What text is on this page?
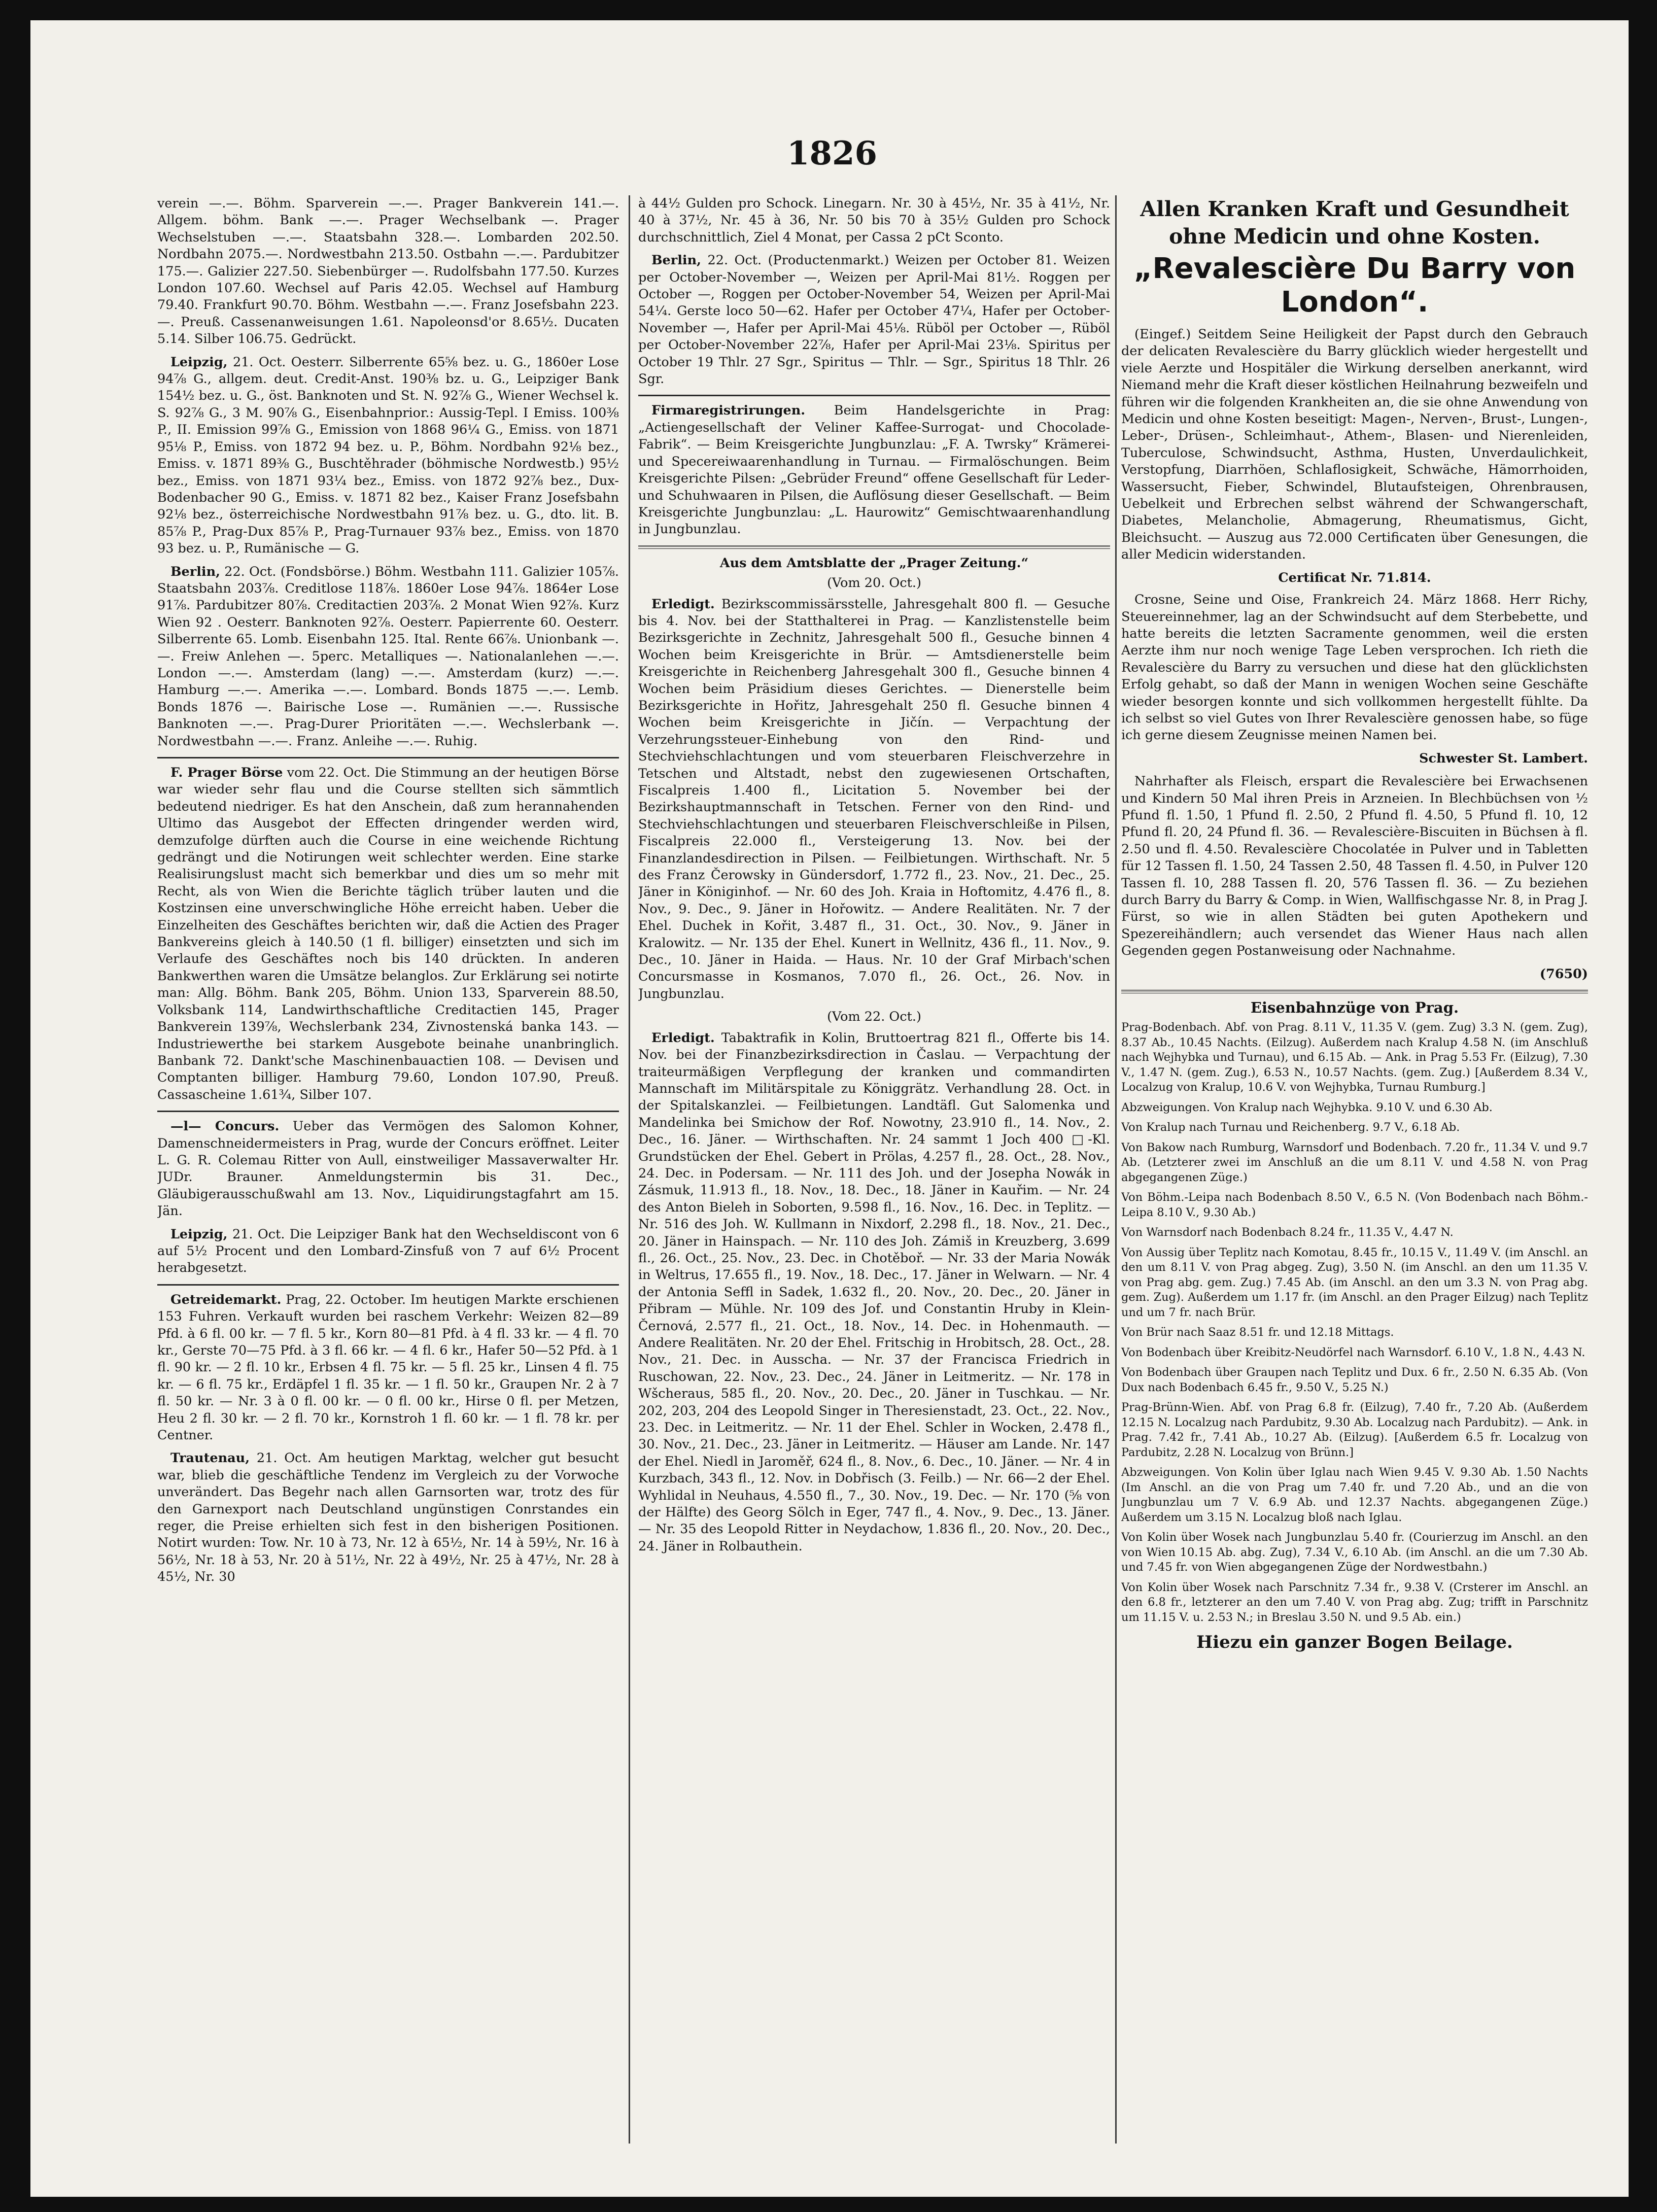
1826

verein —.—. Böhm. Sparverein —.—. Prager Bankverein 141.—. Allgem. böhm. Bank —.—. Prager Wechselbank —. Prager Wechselstuben —.—. Staatsbahn 328.—. Lombarden 202.50. Nordbahn 2075.—. Nordwestbahn 213.50. Ostbahn —.—. Pardubitzer 175.—. Galizier 227.50. Siebenbürger —. Rudolfsbahn 177.50. Kurzes London 107.60. Wechsel auf Paris 42.05. Wechsel auf Hamburg 79.40. Frankfurt 90.70. Böhm. Westbahn —.—. Franz Josefsbahn 223.—. Preuß. Cassenanweisungen 1.61. Napoleonsd'or 8.65½. Ducaten 5.14. Silber 106.75. Gedrückt.

Leipzig, 21. Oct. Oesterr. Silberrente 65⅝ bez. u. G., 1860er Lose 94⅞ G., allgem. deut. Credit-Anst. 190⅜ bz. u. G., Leipziger Bank 154½ bez. u. G., öst. Banknoten und St. N. 92⅞ G., Wiener Wechsel k. S. 92⅞ G., 3 M. 90⅞ G., Eisenbahnprior.: Aussig-Tepl. I Emiss. 100⅜ P., II. Emission 99⅞ G., Emission von 1868 96¼ G., Emiss. von 1871 95⅛ P., Emiss. von 1872 94 bez. u. P., Böhm. Nordbahn 92⅛ bez., Emiss. v. 1871 89⅜ G., Buschtěhrader (böhmische Nordwestb.) 95½ bez., Emiss. von 1871 93¼ bez., Emiss. von 1872 92⅞ bez., Dux-Bodenbacher 90 G., Emiss. v. 1871 82 bez., Kaiser Franz Josefsbahn 92⅛ bez., österreichische Nordwestbahn 91⅞ bez. u. G., dto. lit. B. 85⅞ P., Prag-Dux 85⅞ P., Prag-Turnauer 93⅞ bez., Emiss. von 1870 93 bez. u. P., Rumänische — G.

Berlin, 22. Oct. (Fondsbörse.) Böhm. Westbahn 111. Galizier 105⅞. Staatsbahn 203⅞. Creditlose 118⅞. 1860er Lose 94⅞. 1864er Lose 91⅞. Pardubitzer 80⅞. Creditactien 203⅞. 2 Monat Wien 92⅞. Kurz Wien 92 . Oesterr. Banknoten 92⅞. Oesterr. Papierrente 60. Oesterr. Silberrente 65. Lomb. Eisenbahn 125. Ital. Rente 66⅞. Unionbank —.—. Freiw Anlehen —. 5perc. Metalliques —. Nationalanlehen —.—. London —.—. Amsterdam (lang) —.—. Amsterdam (kurz) —.—. Hamburg —.—. Amerika —.—. Lombard. Bonds 1875 —.—. Lemb. Bonds 1876 —. Bairische Lose —. Rumänien —.—. Russische Banknoten —.—. Prag-Durer Prioritäten —.—. Wechslerbank —. Nordwestbahn —.—. Franz. Anleihe —.—. Ruhig.

F. Prager Börse vom 22. Oct. Die Stimmung an der heutigen Börse war wieder sehr flau und die Course stellten sich sämmtlich bedeutend niedriger. Es hat den Anschein, daß zum herannahenden Ultimo das Ausgebot der Effecten dringender werden wird, demzufolge dürften auch die Course in eine weichende Richtung gedrängt und die Notirungen weit schlechter werden. Eine starke Realisirungslust macht sich bemerkbar und dies um so mehr mit Recht, als von Wien die Berichte täglich trüber lauten und die Kostzinsen eine unverschwingliche Höhe erreicht haben. Ueber die Einzelheiten des Geschäftes berichten wir, daß die Actien des Prager Bankvereins gleich à 140.50 (1 fl. billiger) einsetzten und sich im Verlaufe des Geschäftes noch bis 140 drückten. In anderen Bankwerthen waren die Umsätze belanglos. Zur Erklärung sei notirte man: Allg. Böhm. Bank 205, Böhm. Union 133, Sparverein 88.50, Volksbank 114, Landwirthschaftliche Creditactien 145, Prager Bankverein 139⅞, Wechslerbank 234, Zivnostenská banka 143. — Industriewerthe bei starkem Ausgebote beinahe unanbringlich. Banbank 72. Dankt'sche Maschinenbauactien 108. — Devisen und Comptanten billiger. Hamburg 79.60, London 107.90, Preuß. Cassascheine 1.61¾, Silber 107.

—l— Concurs. Ueber das Vermögen des Salomon Kohner, Damenschneidermeisters in Prag, wurde der Concurs eröffnet. Leiter L. G. R. Colemau Ritter von Aull, einstweiliger Massaverwalter Hr. JUDr. Brauner. Anmeldungstermin bis 31. Dec., Gläubigerausschußwahl am 13. Nov., Liquidirungstagfahrt am 15. Jän.

Leipzig, 21. Oct. Die Leipziger Bank hat den Wechseldiscont von 6 auf 5½ Procent und den Lombard-Zinsfuß von 7 auf 6½ Procent herabgesetzt.

Getreidemarkt. Prag, 22. October. Im heutigen Markte erschienen 153 Fuhren. Verkauft wurden bei raschem Verkehr: Weizen 82—89 Pfd. à 6 fl. 00 kr. — 7 fl. 5 kr., Korn 80—81 Pfd. à 4 fl. 33 kr. — 4 fl. 70 kr., Gerste 70—75 Pfd. à 3 fl. 66 kr. — 4 fl. 6 kr., Hafer 50—52 Pfd. à 1 fl. 90 kr. — 2 fl. 10 kr., Erbsen 4 fl. 75 kr. — 5 fl. 25 kr., Linsen 4 fl. 75 kr. — 6 fl. 75 kr., Erdäpfel 1 fl. 35 kr. — 1 fl. 50 kr., Graupen Nr. 2 à 7 fl. 50 kr. — Nr. 3 à 0 fl. 00 kr. — 0 fl. 00 kr., Hirse 0 fl. per Metzen, Heu 2 fl. 30 kr. — 2 fl. 70 kr., Kornstroh 1 fl. 60 kr. — 1 fl. 78 kr. per Centner.

Trautenau, 21. Oct. Am heutigen Marktag, welcher gut besucht war, blieb die geschäftliche Tendenz im Vergleich zu der Vorwoche unverändert. Das Begehr nach allen Garnsorten war, trotz des für den Garnexport nach Deutschland ungünstigen Conrstandes ein reger, die Preise erhielten sich fest in den bisherigen Positionen. Notirt wurden: Tow. Nr. 10 à 73, Nr. 12 à 65½, Nr. 14 à 59½, Nr. 16 à 56½, Nr. 18 à 53, Nr. 20 à 51½, Nr. 22 à 49½, Nr. 25 à 47½, Nr. 28 à 45½, Nr. 30

à 44½ Gulden pro Schock. Linegarn. Nr. 30 à 45½, Nr. 35 à 41½, Nr. 40 à 37½, Nr. 45 à 36, Nr. 50 bis 70 à 35½ Gulden pro Schock durchschnittlich, Ziel 4 Monat, per Cassa 2 pCt Sconto.

Berlin, 22. Oct. (Productenmarkt.) Weizen per October 81. Weizen per October-November —, Weizen per April-Mai 81½. Roggen per October —, Roggen per October-November 54, Weizen per April-Mai 54¼. Gerste loco 50—62. Hafer per October 47¼, Hafer per October-November —, Hafer per April-Mai 45⅛. Rüböl per October —, Rüböl per October-November 22⅞, Hafer per April-Mai 23⅛. Spiritus per October 19 Thlr. 27 Sgr., Spiritus — Thlr. — Sgr., Spiritus 18 Thlr. 26 Sgr.

Firmaregistrirungen. Beim Handelsgerichte in Prag: „Actiengesellschaft der Veliner Kaffee-Surrogat- und Chocolade-Fabrik“. — Beim Kreisgerichte Jungbunzlau: „F. A. Twrsky“ Krämerei- und Specereiwaarenhandlung in Turnau. — Firmalöschungen. Beim Kreisgerichte Pilsen: „Gebrüder Freund“ offene Gesellschaft für Leder- und Schuhwaaren in Pilsen, die Auflösung dieser Gesellschaft. — Beim Kreisgerichte Jungbunzlau: „L. Haurowitz“ Gemischtwaarenhandlung in Jungbunzlau.

Aus dem Amtsblatte der „Prager Zeitung.“
(Vom 20. Oct.)

Erledigt. Bezirkscommissärsstelle, Jahresgehalt 800 fl. — Gesuche bis 4. Nov. bei der Statthalterei in Prag. — Kanzlistenstelle beim Bezirksgerichte in Zechnitz, Jahresgehalt 500 fl., Gesuche binnen 4 Wochen beim Kreisgerichte in Brür. — Amtsdienerstelle beim Kreisgerichte in Reichenberg Jahresgehalt 300 fl., Gesuche binnen 4 Wochen beim Präsidium dieses Gerichtes. — Dienerstelle beim Bezirksgerichte in Hořitz, Jahresgehalt 250 fl. Gesuche binnen 4 Wochen beim Kreisgerichte in Jičín. — Verpachtung der Verzehrungssteuer-Einhebung von den Rind- und Stechviehschlachtungen und vom steuerbaren Fleischverzehre in Tetschen und Altstadt, nebst den zugewiesenen Ortschaften, Fiscalpreis 1.400 fl., Licitation 5. November bei der Bezirkshauptmannschaft in Tetschen. Ferner von den Rind- und Stechviehschlachtungen und steuerbaren Fleischverschleiße in Pilsen, Fiscalpreis 22.000 fl., Versteigerung 13. Nov. bei der Finanzlandesdirection in Pilsen. — Feilbietungen. Wirthschaft. Nr. 5 des Franz Čerowsky in Gündersdorf, 1.772 fl., 23. Nov., 21. Dec., 25. Jäner in Königinhof. — Nr. 60 des Joh. Kraia in Hoftomitz, 4.476 fl., 8. Nov., 9. Dec., 9. Jäner in Hořowitz. — Andere Realitäten. Nr. 7 der Ehel. Duchek in Kořit, 3.487 fl., 31. Oct., 30. Nov., 9. Jäner in Kralowitz. — Nr. 135 der Ehel. Kunert in Wellnitz, 436 fl., 11. Nov., 9. Dec., 10. Jäner in Haida. — Haus. Nr. 10 der Graf Mirbach'schen Concursmasse in Kosmanos, 7.070 fl., 26. Oct., 26. Nov. in Jungbunzlau.

(Vom 22. Oct.)

Erledigt. Tabaktrafik in Kolin, Bruttoertrag 821 fl., Offerte bis 14. Nov. bei der Finanzbezirksdirection in Časlau. — Verpachtung der traiteurmäßigen Verpflegung der kranken und commandirten Mannschaft im Militärspitale zu Königgrätz. Verhandlung 28. Oct. in der Spitalskanzlei. — Feilbietungen. Landtäfl. Gut Salomenka und Mandelinka bei Smichow der Rof. Nowotny, 23.910 fl., 14. Nov., 2. Dec., 16. Jäner. — Wirthschaften. Nr. 24 sammt 1 Joch 400 □-Kl. Grundstücken der Ehel. Gebert in Prölas, 4.257 fl., 28. Oct., 28. Nov., 24. Dec. in Podersam. — Nr. 111 des Joh. und der Josepha Nowák in Zásmuk, 11.913 fl., 18. Nov., 18. Dec., 18. Jäner in Kauřim. — Nr. 24 des Anton Bieleh in Soborten, 9.598 fl., 16. Nov., 16. Dec. in Teplitz. — Nr. 516 des Joh. W. Kullmann in Nixdorf, 2.298 fl., 18. Nov., 21. Dec., 20. Jäner in Hainspach. — Nr. 110 des Joh. Zámiš in Kreuzberg, 3.699 fl., 26. Oct., 25. Nov., 23. Dec. in Chotěboř. — Nr. 33 der Maria Nowák in Weltrus, 17.655 fl., 19. Nov., 18. Dec., 17. Jäner in Welwarn. — Nr. 4 der Antonia Seffl in Sadek, 1.632 fl., 20. Nov., 20. Dec., 20. Jäner in Přibram — Mühle. Nr. 109 des Jof. und Constantin Hruby in Klein-Černová, 2.577 fl., 21. Oct., 18. Nov., 14. Dec. in Hohenmauth. — Andere Realitäten. Nr. 20 der Ehel. Fritschig in Hrobitsch, 28. Oct., 28. Nov., 21. Dec. in Ausscha. — Nr. 37 der Francisca Friedrich in Ruschowan, 22. Nov., 23. Dec., 24. Jäner in Leitmeritz. — Nr. 178 in Wšcheraus, 585 fl., 20. Nov., 20. Dec., 20. Jäner in Tuschkau. — Nr. 202, 203, 204 des Leopold Singer in Theresienstadt, 23. Oct., 22. Nov., 23. Dec. in Leitmeritz. — Nr. 11 der Ehel. Schler in Wocken, 2.478 fl., 30. Nov., 21. Dec., 23. Jäner in Leitmeritz. — Häuser am Lande. Nr. 147 der Ehel. Niedl in Jaroměř, 624 fl., 8. Nov., 6. Dec., 10. Jäner. — Nr. 4 in Kurzbach, 343 fl., 12. Nov. in Dobřisch (3. Feilb.) — Nr. 66—2 der Ehel. Wyhlidal in Neuhaus, 4.550 fl., 7., 30. Nov., 19. Dec. — Nr. 170 (⅝ von der Hälfte) des Georg Sölch in Eger, 747 fl., 4. Nov., 9. Dec., 13. Jäner. — Nr. 35 des Leopold Ritter in Neydachow, 1.836 fl., 20. Nov., 20. Dec., 24. Jäner in Rolbauthein.

Allen Kranken Kraft und Gesundheit ohne Medicin und ohne Kosten.
„Revalescière Du Barry von London“.

(Eingef.) Seitdem Seine Heiligkeit der Papst durch den Gebrauch der delicaten Revalescière du Barry glücklich wieder hergestellt und viele Aerzte und Hospitäler die Wirkung derselben anerkannt, wird Niemand mehr die Kraft dieser köstlichen Heilnahrung bezweifeln und führen wir die folgenden Krankheiten an, die sie ohne Anwendung von Medicin und ohne Kosten beseitigt: Magen-, Nerven-, Brust-, Lungen-, Leber-, Drüsen-, Schleimhaut-, Athem-, Blasen- und Nierenleiden, Tuberculose, Schwindsucht, Asthma, Husten, Unverdaulichkeit, Verstopfung, Diarrhöen, Schlaflosigkeit, Schwäche, Hämorrhoiden, Wassersucht, Fieber, Schwindel, Blutaufsteigen, Ohrenbrausen, Uebelkeit und Erbrechen selbst während der Schwangerschaft, Diabetes, Melancholie, Abmagerung, Rheumatismus, Gicht, Bleichsucht. — Auszug aus 72.000 Certificaten über Genesungen, die aller Medicin widerstanden.

Certificat Nr. 71.814.

Crosne, Seine und Oise, Frankreich 24. März 1868. Herr Richy, Steuereinnehmer, lag an der Schwindsucht auf dem Sterbebette, und hatte bereits die letzten Sacramente genommen, weil die ersten Aerzte ihm nur noch wenige Tage Leben versprochen. Ich rieth die Revalescière du Barry zu versuchen und diese hat den glücklichsten Erfolg gehabt, so daß der Mann in wenigen Wochen seine Geschäfte wieder besorgen konnte und sich vollkommen hergestellt fühlte. Da ich selbst so viel Gutes von Ihrer Revalescière genossen habe, so füge ich gerne diesem Zeugnisse meinen Namen bei.

Schwester St. Lambert.

Nahrhafter als Fleisch, erspart die Revalescière bei Erwachsenen und Kindern 50 Mal ihren Preis in Arzneien. In Blechbüchsen von ½ Pfund fl. 1.50, 1 Pfund fl. 2.50, 2 Pfund fl. 4.50, 5 Pfund fl. 10, 12 Pfund fl. 20, 24 Pfund fl. 36. — Revalescière-Biscuiten in Büchsen à fl. 2.50 und fl. 4.50. Revalescière Chocolatée in Pulver und in Tabletten für 12 Tassen fl. 1.50, 24 Tassen 2.50, 48 Tassen fl. 4.50, in Pulver 120 Tassen fl. 10, 288 Tassen fl. 20, 576 Tassen fl. 36. — Zu beziehen durch Barry du Barry & Comp. in Wien, Wallfischgasse Nr. 8, in Prag J. Fürst, so wie in allen Städten bei guten Apothekern und Spezereihändlern; auch versendet das Wiener Haus nach allen Gegenden gegen Postanweisung oder Nachnahme.

(7650)
Eisenbahnzüge von Prag.

Prag-Bodenbach. Abf. von Prag. 8.11 V., 11.35 V. (gem. Zug) 3.3 N. (gem. Zug), 8.37 Ab., 10.45 Nachts. (Eilzug). Außerdem nach Kralup 4.58 N. (im Anschluß nach Wejhybka und Turnau), und 6.15 Ab. — Ank. in Prag 5.53 Fr. (Eilzug), 7.30 V., 1.47 N. (gem. Zug.), 6.53 N., 10.57 Nachts. (gem. Zug.) [Außerdem 8.34 V., Localzug von Kralup, 10.6 V. von Wejhybka, Turnau Rumburg.]

Abzweigungen. Von Kralup nach Wejhybka. 9.10 V. und 6.30 Ab.

Von Kralup nach Turnau und Reichenberg. 9.7 V., 6.18 Ab.

Von Bakow nach Rumburg, Warnsdorf und Bodenbach. 7.20 fr., 11.34 V. und 9.7 Ab. (Letzterer zwei im Anschluß an die um 8.11 V. und 4.58 N. von Prag abgegangenen Züge.)

Von Böhm.-Leipa nach Bodenbach 8.50 V., 6.5 N. (Von Bodenbach nach Böhm.-Leipa 8.10 V., 9.30 Ab.)

Von Warnsdorf nach Bodenbach 8.24 fr., 11.35 V., 4.47 N.

Von Aussig über Teplitz nach Komotau, 8.45 fr., 10.15 V., 11.49 V. (im Anschl. an den um 8.11 V. von Prag abgeg. Zug), 3.50 N. (im Anschl. an den um 11.35 V. von Prag abg. gem. Zug.) 7.45 Ab. (im Anschl. an den um 3.3 N. von Prag abg. gem. Zug). Außerdem um 1.17 fr. (im Anschl. an den Prager Eilzug) nach Teplitz und um 7 fr. nach Brür.

Von Brür nach Saaz 8.51 fr. und 12.18 Mittags.

Von Bodenbach über Kreibitz-Neudörfel nach Warnsdorf. 6.10 V., 1.8 N., 4.43 N.

Von Bodenbach über Graupen nach Teplitz und Dux. 6 fr., 2.50 N. 6.35 Ab. (Von Dux nach Bodenbach 6.45 fr., 9.50 V., 5.25 N.)

Prag-Brünn-Wien. Abf. von Prag 6.8 fr. (Eilzug), 7.40 fr., 7.20 Ab. (Außerdem 12.15 N. Localzug nach Pardubitz, 9.30 Ab. Localzug nach Pardubitz). — Ank. in Prag. 7.42 fr., 7.41 Ab., 10.27 Ab. (Eilzug). [Außerdem 6.5 fr. Localzug von Pardubitz, 2.28 N. Localzug von Brünn.]

Abzweigungen. Von Kolin über Iglau nach Wien 9.45 V. 9.30 Ab. 1.50 Nachts (Im Anschl. an die von Prag um 7.40 fr. und 7.20 Ab., und an die von Jungbunzlau um 7 V. 6.9 Ab. und 12.37 Nachts. abgegangenen Züge.) Außerdem um 3.15 N. Localzug bloß nach Iglau.

Von Kolin über Wosek nach Jungbunzlau 5.40 fr. (Courierzug im Anschl. an den von Wien 10.15 Ab. abg. Zug), 7.34 V., 6.10 Ab. (im Anschl. an die um 7.30 Ab. und 7.45 fr. von Wien abgegangenen Züge der Nordwestbahn.)

Von Kolin über Wosek nach Parschnitz 7.34 fr., 9.38 V. (Crsterer im Anschl. an den 6.8 fr., letzterer an den um 7.40 V. von Prag abg. Zug; trifft in Parschnitz um 11.15 V. u. 2.53 N.; in Breslau 3.50 N. und 9.5 Ab. ein.)

Hiezu ein ganzer Bogen Beilage.
